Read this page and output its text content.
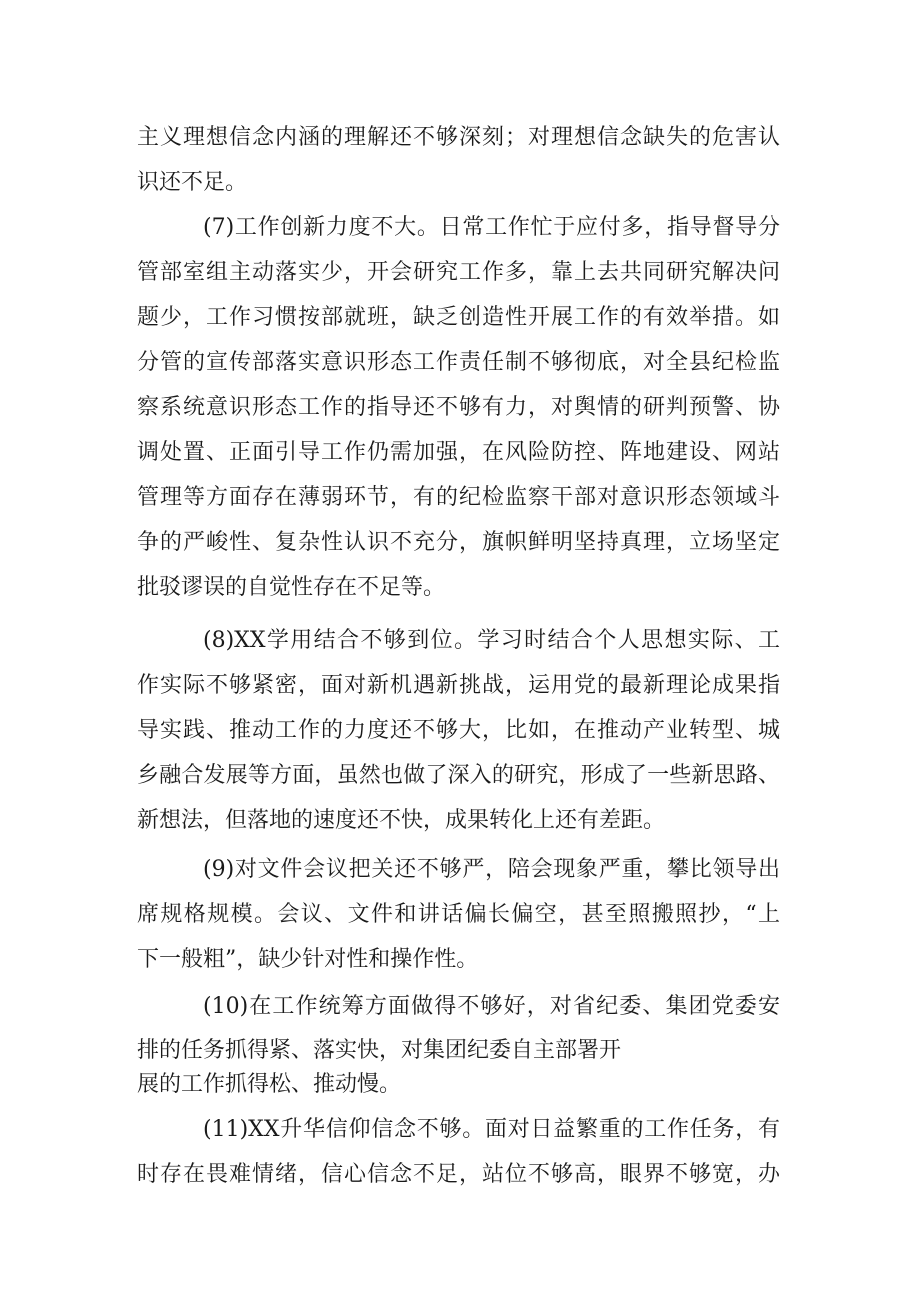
主义理想信念内涵的理解还不够深刻；对理想信念缺失的危害认
识还不足。
(7)工作创新力度不大。日常工作忙于应付多，指导督导分
管部室组主动落实少，开会研究工作多，靠上去共同研究解决问
题少，工作习惯按部就班，缺乏创造性开展工作的有效举措。如
分管的宣传部落实意识形态工作责任制不够彻底，对全县纪检监
察系统意识形态工作的指导还不够有力，对舆情的研判预警、协
调处置、正面引导工作仍需加强，在风险防控、阵地建设、网站
管理等方面存在薄弱环节，有的纪检监察干部对意识形态领域斗
争的严峻性、复杂性认识不充分，旗帜鲜明坚持真理，立场坚定
批驳谬误的自觉性存在不足等。
(8)XX学用结合不够到位。学习时结合个人思想实际、工
作实际不够紧密，面对新机遇新挑战，运用党的最新理论成果指
导实践、推动工作的力度还不够大，比如，在推动产业转型、城
乡融合发展等方面，虽然也做了深入的研究，形成了一些新思路、
新想法，但落地的速度还不快，成果转化上还有差距。
(9)对文件会议把关还不够严，陪会现象严重，攀比领导出
席规格规模。会议、文件和讲话偏长偏空，甚至照搬照抄，“上
下一般粗”，缺少针对性和操作性。
(10)在工作统筹方面做得不够好，对省纪委、集团党委安
排的任务抓得紧、落实快，对集团纪委自主部署开
展的工作抓得松、推动慢。
(11)XX升华信仰信念不够。面对日益繁重的工作任务，有
时存在畏难情绪，信心信念不足，站位不够高，眼界不够宽，办
